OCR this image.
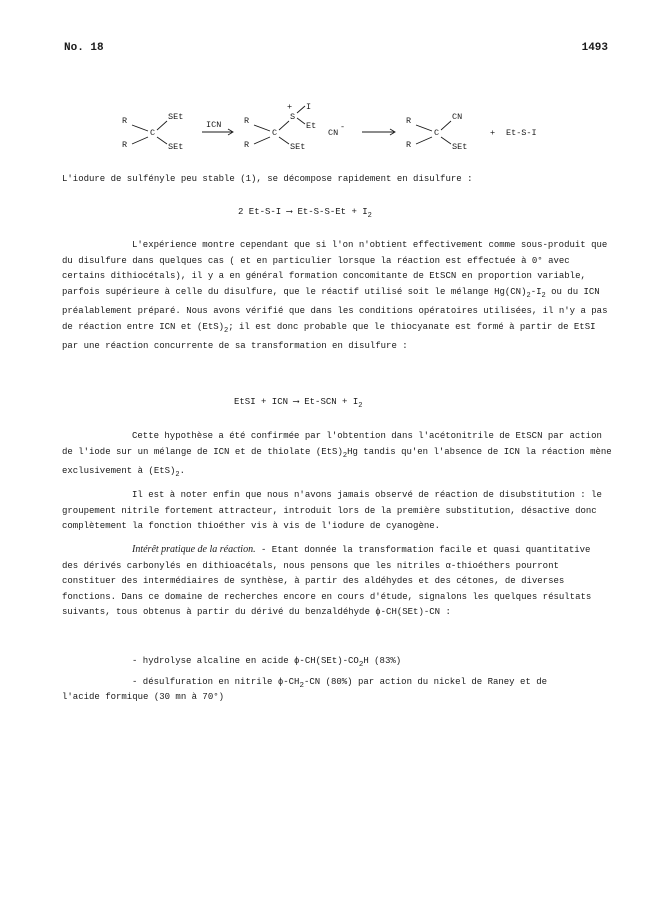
No. 18	1493
R
R
C
SEt
SEt
ICN	R
R
C
S
+ I
Et
SEt
CN
-
R
R
C
CN
SEt
+ Et-S-I

L'iodure de sulfényle peu stable (1), se décompose rapidement en disulfure :

2 Et-S-I ⟶ $Et-S-S-Et + I_2$

L'expérience montre cependant que si l'on n'obtient effectivement comme sous-produit que du disulfure dans quelques cas ( et en particulier lorsque la réaction est effectuée à 0° avec certains dithiocétals), il y a en général formation concomitante de EtSCN en proportion variable, parfois supérieure à celle du disulfure, que le réactif utilisé soit le mélange $Hg(CN)_2-I_2$ ou du ICN préalablement préparé. Nous avons vérifié que dans les conditions opératoires utilisées, il n'y a pas de réaction entre ICN et $(EtS)_2$; il est donc probable que le thiocyanate est formé à partir de EtSI par une réaction concurrente de sa transformation en disulfure :

EtSI + ICN ⟶ $Et-SCN + I_2$

Cette hypothèse a été confirmée par l'obtention dans l'acétonitrile de EtSCN par action de l'iode sur un mélange de ICN et de thiolate $(EtS)_2Hg$ tandis qu'en l'absence de ICN la réaction mène exclusivement à $(EtS)_2$.

Il est à noter enfin que nous n'avons jamais observé de réaction de disubstitution : le groupement nitrile fortement attracteur, introduit lors de la première substitution, désactive donc complètement la fonction thioéther vis à vis de l'iodure de cyanogène.

Intérêt pratique de la réaction. - Etant donnée la transformation facile et quasi quantitative des dérivés carbonylés en dithioacétals, nous pensons que les nitriles α-thioéthers pourront constituer des intermédiaires de synthèse, à partir des aldéhydes et des cétones, de diverses fonctions. Dans ce domaine de recherches encore en cours d'étude, signalons les quelques résultats suivants, tous obtenus à partir du dérivé du benzaldéhyde ϕ-CH(SEt)-CN :

- hydrolyse alcaline en acide $\phi-CH(SEt)-CO_2H$ (83%)
- désulfuration en nitrile $\phi-CH_2-CN$ (80%) par action du nickel de Raney et de
l'acide formique (30 mn à 70°)
